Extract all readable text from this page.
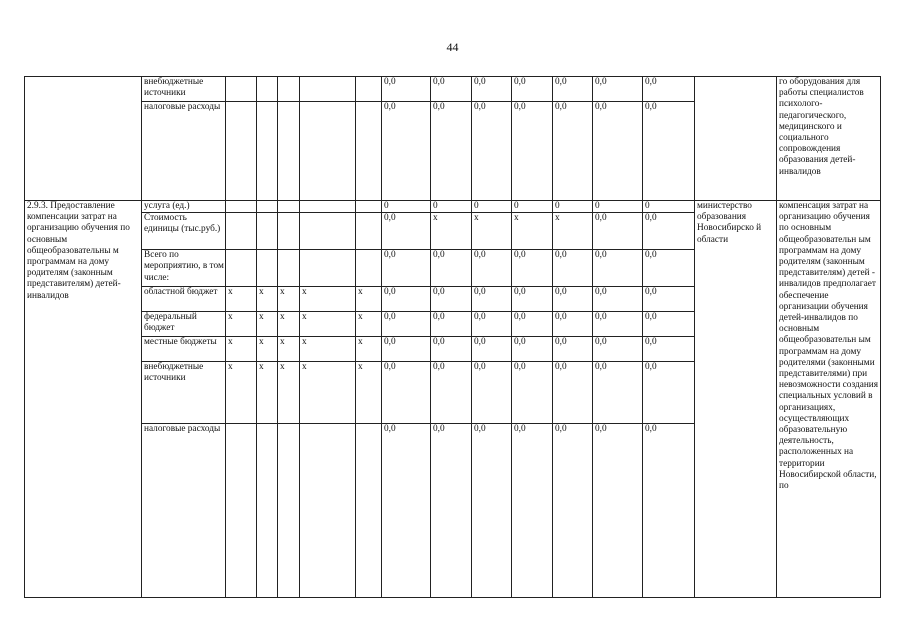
44
	внебюджетные источники						0,0	0,0	0,0	0,0	0,0	0,0	0,0		го оборудования для работы специалистов психолого-педагогического, медицинского и социального сопровождения образования детей-инвалидов
	налоговые расходы						0,0	0,0	0,0	0,0	0,0	0,0	0,0		
2.9.3. Предоставление компенсации затрат на организацию обучения по основным общеобразовательны м программам на дому родителям (законным представителям) детей-инвалидов	услуга (ед.)						0	0	0	0	0	0	0	министерство образования Новосибирско й области	компенсация затрат на организацию обучения по основным общеобразовательн ым программам на дому родителям (законным представителям) детей - инвалидов предполагает обеспечение организации обучения детей-инвалидов по основным общеобразовательн ым программам на дому родителями (законными представителями) при невозможности создания специальных условий в организациях, осуществляющих образовательную деятельность, расположенных на территории Новосибирской области, по
	Стоимость единицы (тыс.руб.)						0,0	x	x	x	x	0,0	0,0		
	Всего по мероприятию, в том числе:						0,0	0,0	0,0	0,0	0,0	0,0	0,0		
	областной бюджет	x	x	x	x	x	0,0	0,0	0,0	0,0	0,0	0,0	0,0		
	федеральный бюджет	x	x	x	x	x	0,0	0,0	0,0	0,0	0,0	0,0	0,0		
	местные бюджеты	x	x	x	x	x	0,0	0,0	0,0	0,0	0,0	0,0	0,0		
	внебюджетные источники	x	x	x	x	x	0,0	0,0	0,0	0,0	0,0	0,0	0,0		
	налоговые расходы						0,0	0,0	0,0	0,0	0,0	0,0	0,0		
